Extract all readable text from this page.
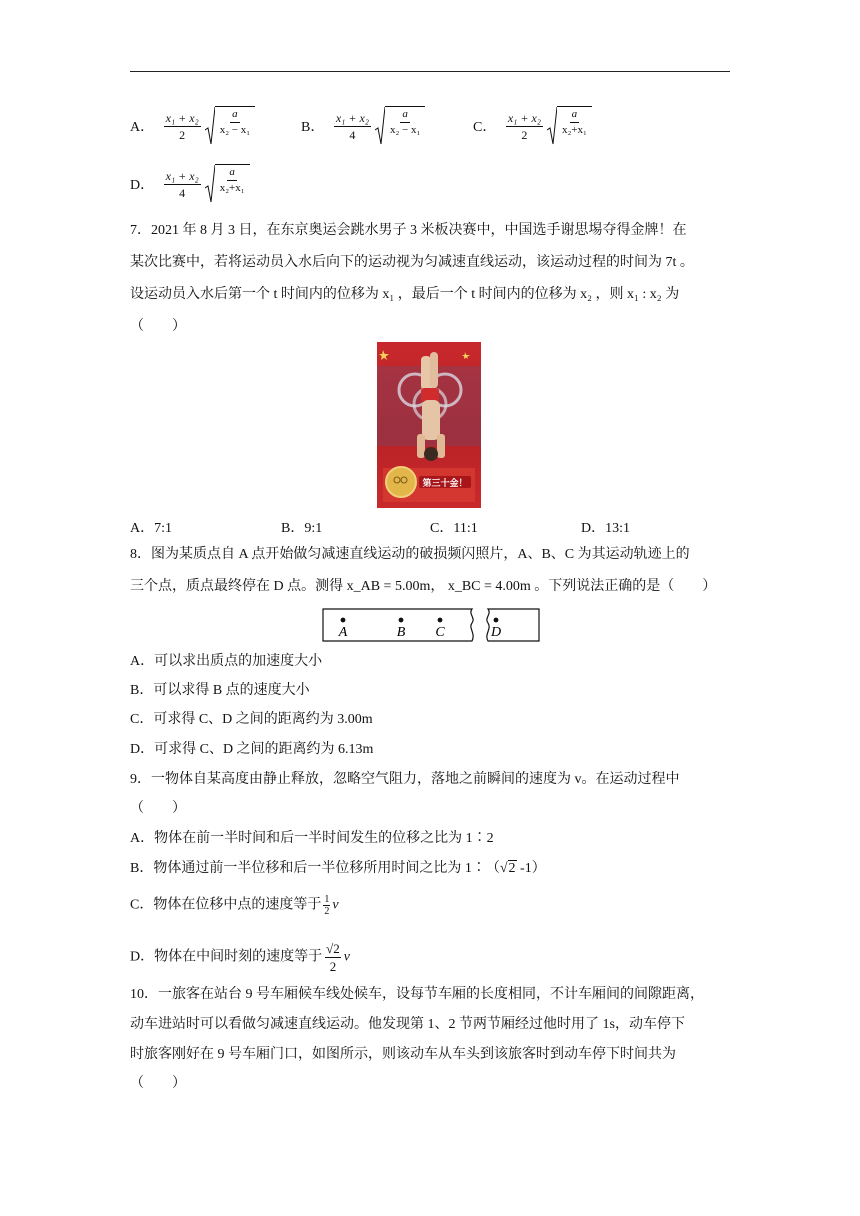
A． $\frac{\text{x₁ + x₂}}{2} \frac{a}{\text{x₂ − x₁}}$	B． $\frac{\text{x₁ + x₂}}{4} \frac{a}{\text{x₂ − x₁}}$	C． $\frac{\text{x₁ + x₂}}{2} \frac{a}{\text{x₂+x₁}}$
D． $\frac{\text{x₁ + x₂}}{4} \frac{a}{\text{x₂+x₁}}$
7．2021 年 8 月 3 日，在东京奥运会跳水男子 3 米板决赛中，中国选手谢思埸夺得金牌！在
某次比赛中，若将运动员入水后向下的运动视为匀减速直线运动，该运动过程的时间为 7t 。
设运动员入水后第一个 t 时间内的位移为 x₁ ，最后一个 t 时间内的位移为 x₂ ，则 x₁ : x₂ 为
（　　）
第三十金！
A．7:1	B．9:1	C．11:1	D．13:1
8．图为某质点自 A 点开始做匀减速直线运动的破损频闪照片，A、B、C 为其运动轨迹上的
三个点，质点最终停在 D 点。测得 x_AB = 5.00m， x_BC = 4.00m 。下列说法正确的是（　　）
A	B C	D
A．可以求出质点的加速度大小
B．可以求得 B 点的速度大小
C．可求得 C、D 之间的距离约为 3.00m
D．可求得 C、D 之间的距离约为 6.13m
9．一物体自某高度由静止释放，忽略空气阻力，落地之前瞬间的速度为 v。在运动过程中
（　　）
A．物体在前一半时间和后一半时间发生的位移之比为 1∶2
B．物体通过前一半位移和后一半位移所用时间之比为 1∶（√2 -1）
C．物体在位移中点的速度等于 $\frac{1}{2}$ v
D．物体在中间时刻的速度等于 $\frac{√2}{2}$ v
10．一旅客在站台 9 号车厢候车线处候车，设每节车厢的长度相同，不计车厢间的间隙距离，
动车进站时可以看做匀减速直线运动。他发现第 1、2 节两节厢经过他时用了 1s，动车停下
时旅客刚好在 9 号车厢门口，如图所示，则该动车从车头到该旅客时到动车停下时间共为
（　　）
